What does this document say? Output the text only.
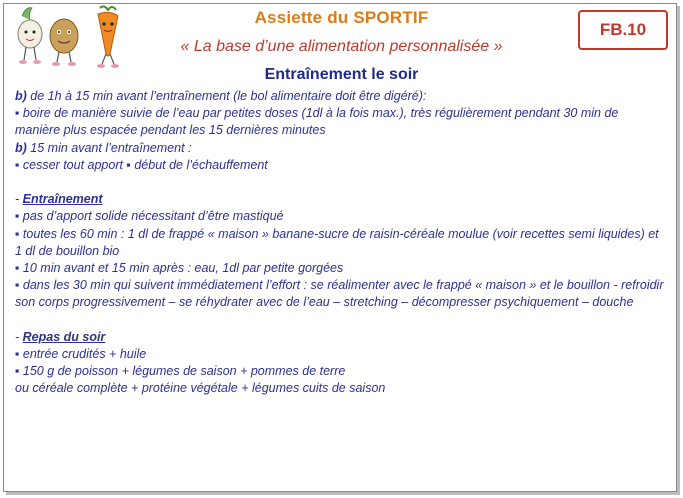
Assiette du SPORTIF
« La base d’une alimentation personnalisée »
FB.10
Entraînement le soir
b) de 1h à 15 min avant l’entraînement (le bol alimentaire doit être digéré):
▪ boire de manière suivie de l’eau par petites doses (1dl à la fois max.), très régulièrement pendant 30 min de manière plus espacée pendant les 15 dernières minutes
b) 15 min avant l’entraînement :
▪ cesser tout apport ▪ début de l’échauffement
- Entraînement
▪ pas d’apport solide nécessitant d’être mastiqué
▪ toutes les 60 min : 1 dl de frappé « maison » banane-sucre de raisin-céréale moulue (voir recettes semi liquides) et 1 dl de bouillon bio
▪ 10 min avant et 15 min après : eau, 1dl par petite gorgées
▪ dans les 30 min qui suivent immédiatement l’effort : se réalimenter avec le frappé « maison » et le bouillon - refroidir son corps progressivement – se réhydrater avec de l’eau – stretching – décompresser psychiquement – douche
- Repas du soir
▪ entrée crudités + huile
▪ 150 g de poisson + légumes de saison + pommes de terre
ou céréale complète + protéine végétale + légumes cuits de saison
